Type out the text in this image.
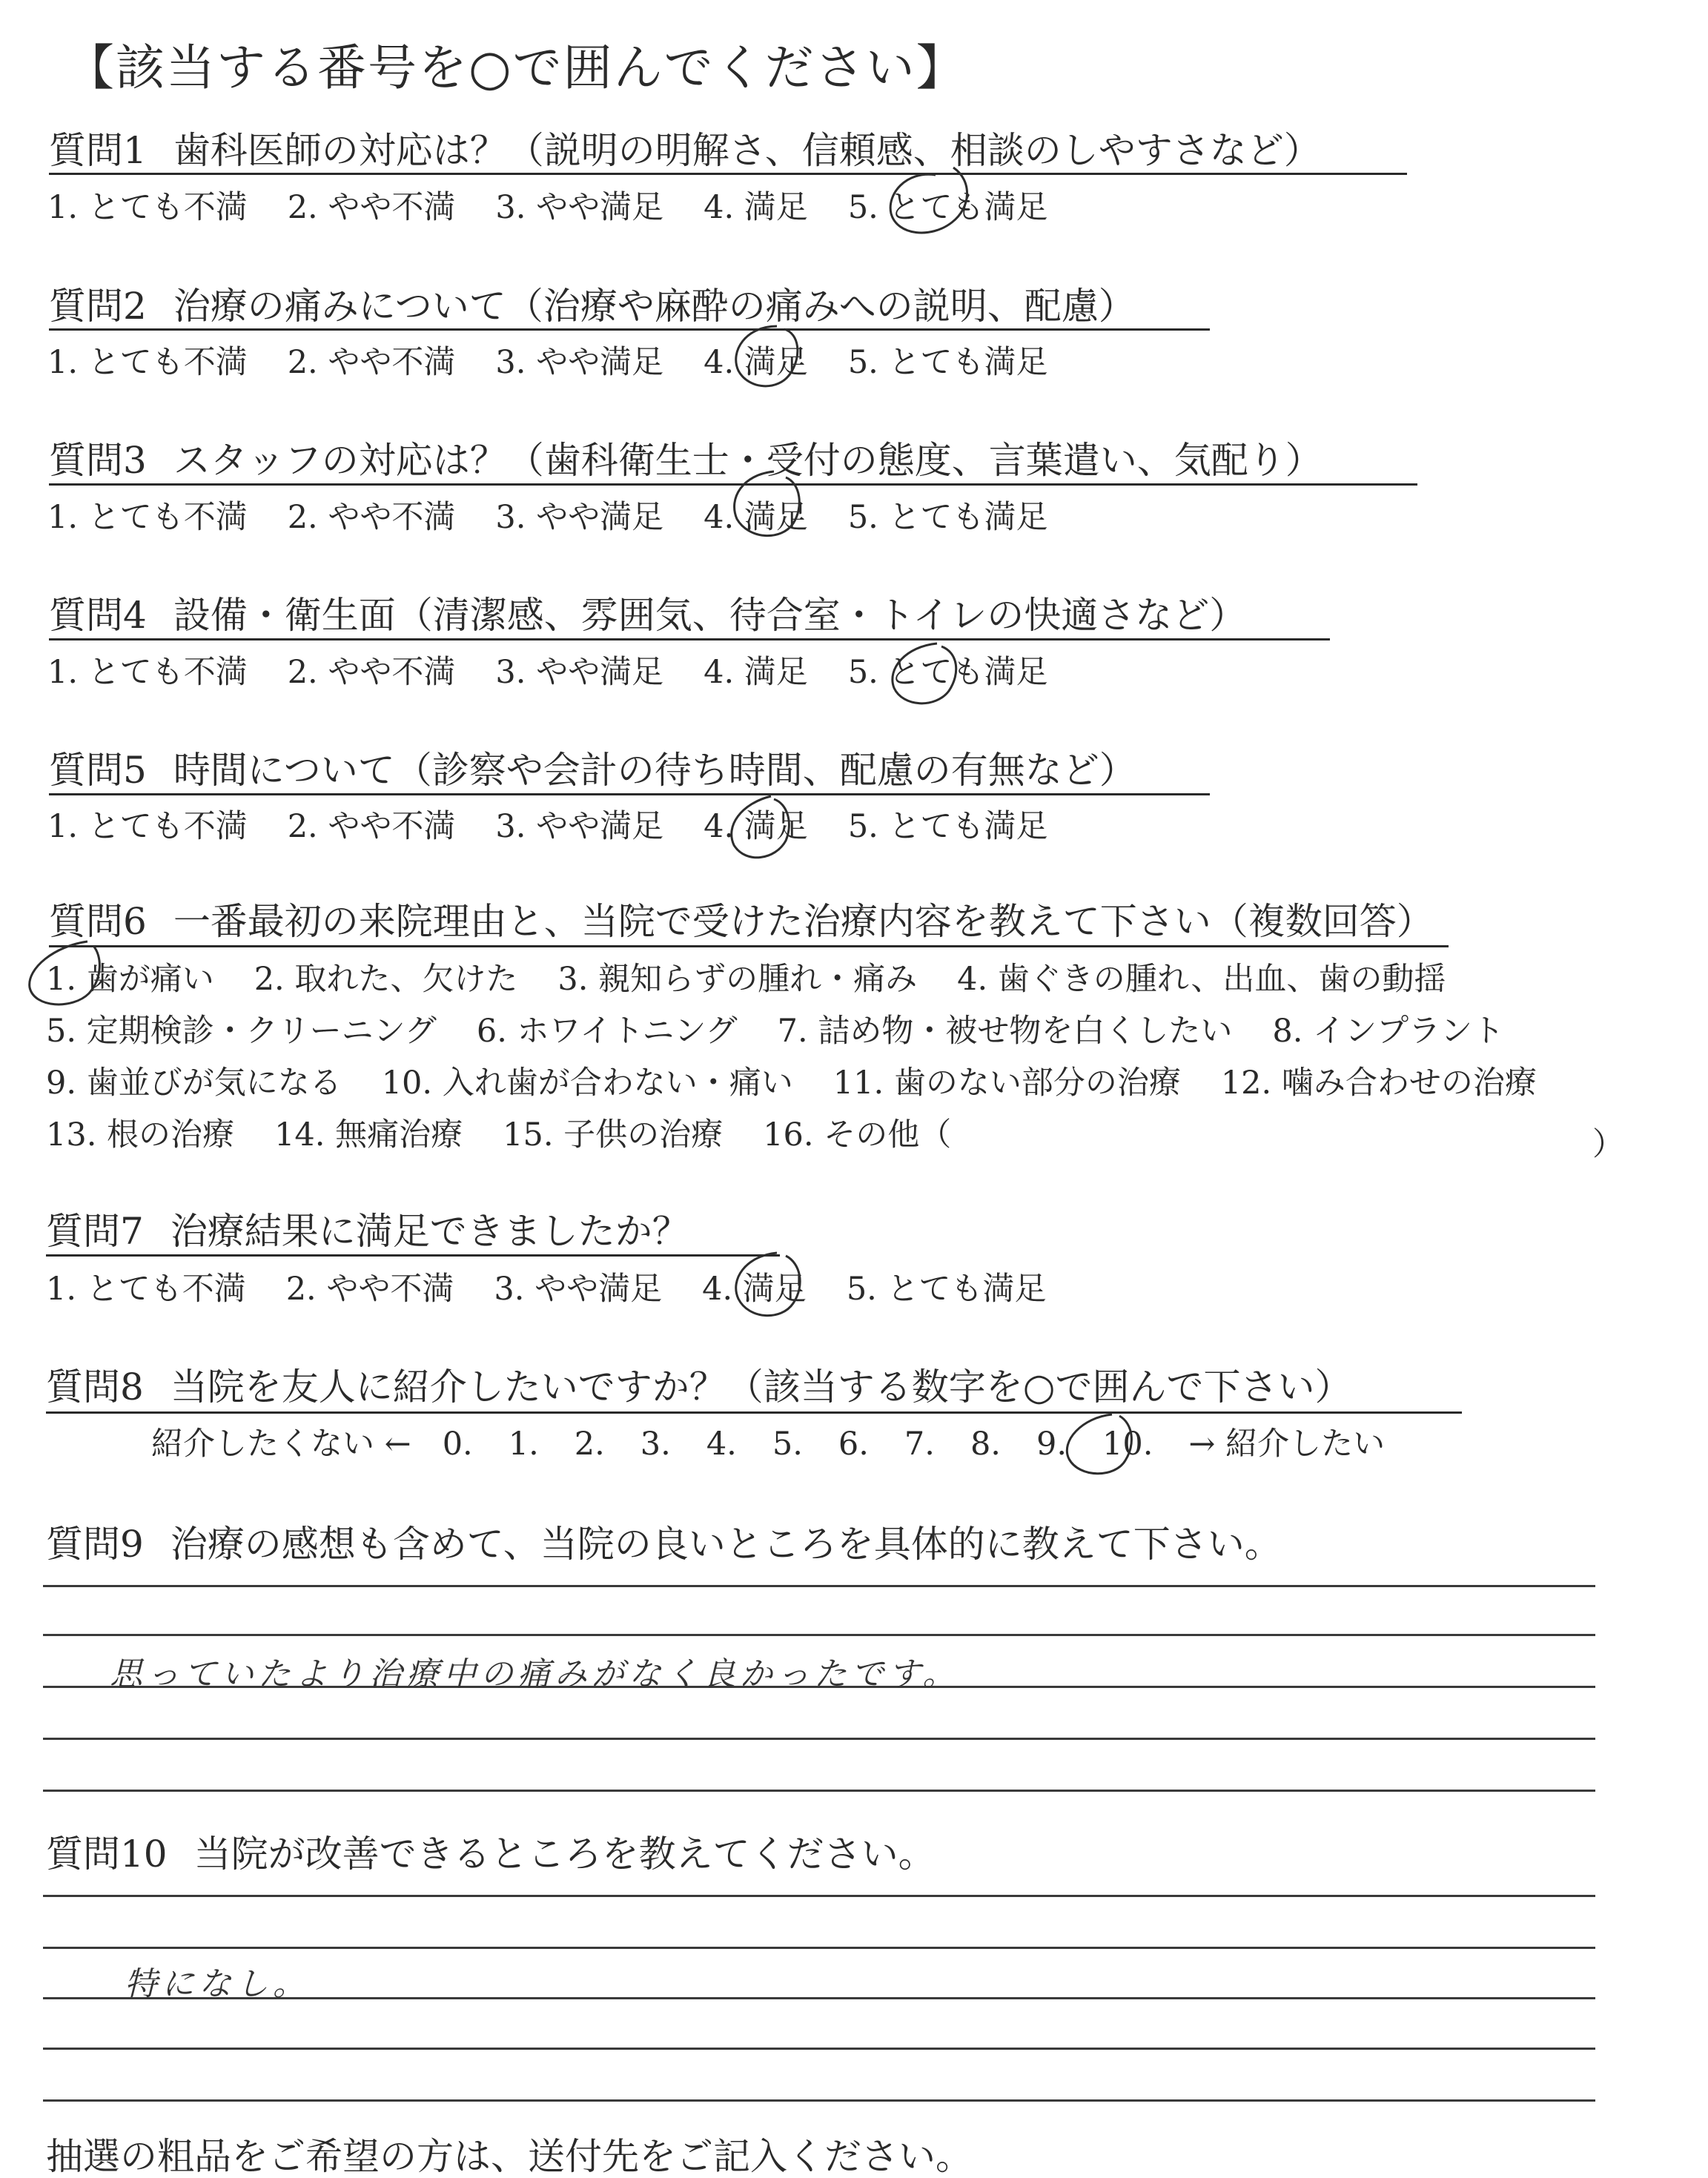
【該当する番号を○で囲んでください】
質問1 歯科医師の対応は？（説明の明解さ、信頼感、相談のしやすさなど）
1. とても不満 2. やや不満 3. やや満足 4. 満足 5. とても満足
質問2 治療の痛みについて（治療や麻酔の痛みへの説明、配慮）
1. とても不満 2. やや不満 3. やや満足 4. 満足 5. とても満足
質問3 スタッフの対応は？（歯科衛生士・受付の態度、言葉遣い、気配り）
1. とても不満 2. やや不満 3. やや満足 4. 満足 5. とても満足
質問4 設備・衛生面（清潔感、雰囲気、待合室・トイレの快適さなど）
1. とても不満 2. やや不満 3. やや満足 4. 満足 5. とても満足
質問5 時間について（診察や会計の待ち時間、配慮の有無など）
1. とても不満 2. やや不満 3. やや満足 4. 満足 5. とても満足
質問6 一番最初の来院理由と、当院で受けた治療内容を教えて下さい（複数回答）
1. 歯が痛い 2. 取れた、欠けた 3. 親知らずの腫れ・痛み 4. 歯ぐきの腫れ、出血、歯の動揺
5. 定期検診・クリーニング 6. ホワイトニング 7. 詰め物・被せ物を白くしたい 8. インプラント
9. 歯並びが気になる 10. 入れ歯が合わない・痛い 11. 歯のない部分の治療 12. 噛み合わせの治療
13. 根の治療 14. 無痛治療 15. 子供の治療 16. その他（	）
質問7 治療結果に満足できましたか？
1. とても不満 2. やや不満 3. やや満足 4. 満足 5. とても満足
質問8 当院を友人に紹介したいですか？（該当する数字を○で囲んで下さい）
紹介したくない ← 0. 1. 2. 3. 4. 5. 6. 7. 8. 9. 10. → 紹介したい
質問9 治療の感想も含めて、当院の良いところを具体的に教えて下さい。
思っていたより治療中の痛みがなく良かったです。
質問10 当院が改善できるところを教えてください。
特になし。
抽選の粗品をご希望の方は、送付先をご記入ください。
